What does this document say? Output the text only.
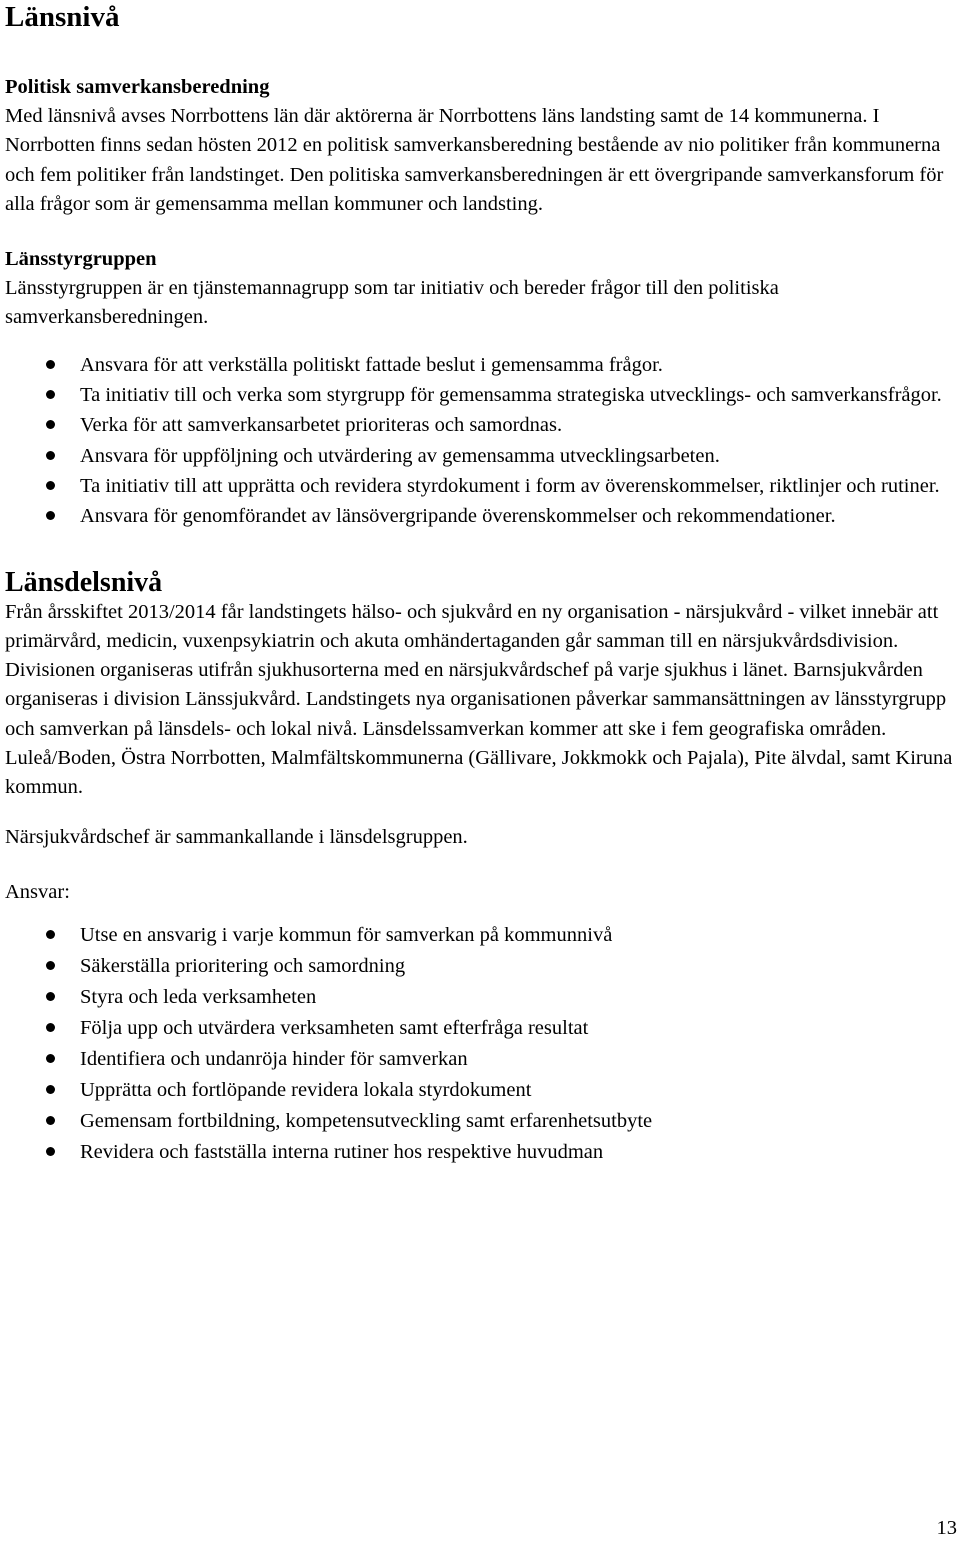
Länsnivå
Politisk samverkansberedning

Med länsnivå avses Norrbottens län där aktörerna är Norrbottens läns landsting samt de 14 kommunerna. I Norrbotten finns sedan hösten 2012 en politisk samverkansberedning bestående av nio politiker från kommunerna och fem politiker från landstinget. Den politiska samverkansberedningen är ett övergripande samverkansforum för alla frågor som är gemensamma mellan kommuner och landsting.

Länsstyrgruppen

Länsstyrgruppen är en tjänstemannagrupp som tar initiativ och bereder frågor till den politiska samverkansberedningen.

Ansvara för att verkställa politiskt fattade beslut i gemensamma frågor.
Ta initiativ till och verka som styrgrupp för gemensamma strategiska utvecklings- och samverkansfrågor.
Verka för att samverkansarbetet prioriteras och samordnas.
Ansvara för uppföljning och utvärdering av gemensamma utvecklingsarbeten.
Ta initiativ till att upprätta och revidera styrdokument i form av överenskommelser, riktlinjer och rutiner.
Ansvara för genomförandet av länsövergripande överenskommelser och rekommendationer.
Länsdelsnivå

Från årsskiftet 2013/2014 får landstingets hälso- och sjukvård en ny organisation - närsjukvård - vilket innebär att primärvård, medicin, vuxenpsykiatrin och akuta omhändertaganden går samman till en närsjukvårdsdivision. Divisionen organiseras utifrån sjukhusorterna med en närsjukvårdschef på varje sjukhus i länet. Barnsjukvården organiseras i division Länssjukvård. Landstingets nya organisationen påverkar sammansättningen av länsstyrgrupp och samverkan på länsdels- och lokal nivå. Länsdelssamverkan kommer att ske i fem geografiska områden. Luleå/Boden, Östra Norrbotten, Malmfältskommunerna (Gällivare, Jokkmokk och Pajala), Pite älvdal, samt Kiruna kommun.

Närsjukvårdschef är sammankallande i länsdelsgruppen.

Ansvar:

Utse en ansvarig i varje kommun för samverkan på kommunnivå
Säkerställa prioritering och samordning
Styra och leda verksamheten
Följa upp och utvärdera verksamheten samt efterfråga resultat
Identifiera och undanröja hinder för samverkan
Upprätta och fortlöpande revidera lokala styrdokument
Gemensam fortbildning, kompetensutveckling samt erfarenhetsutbyte
Revidera och fastställa interna rutiner hos respektive huvudman
13
